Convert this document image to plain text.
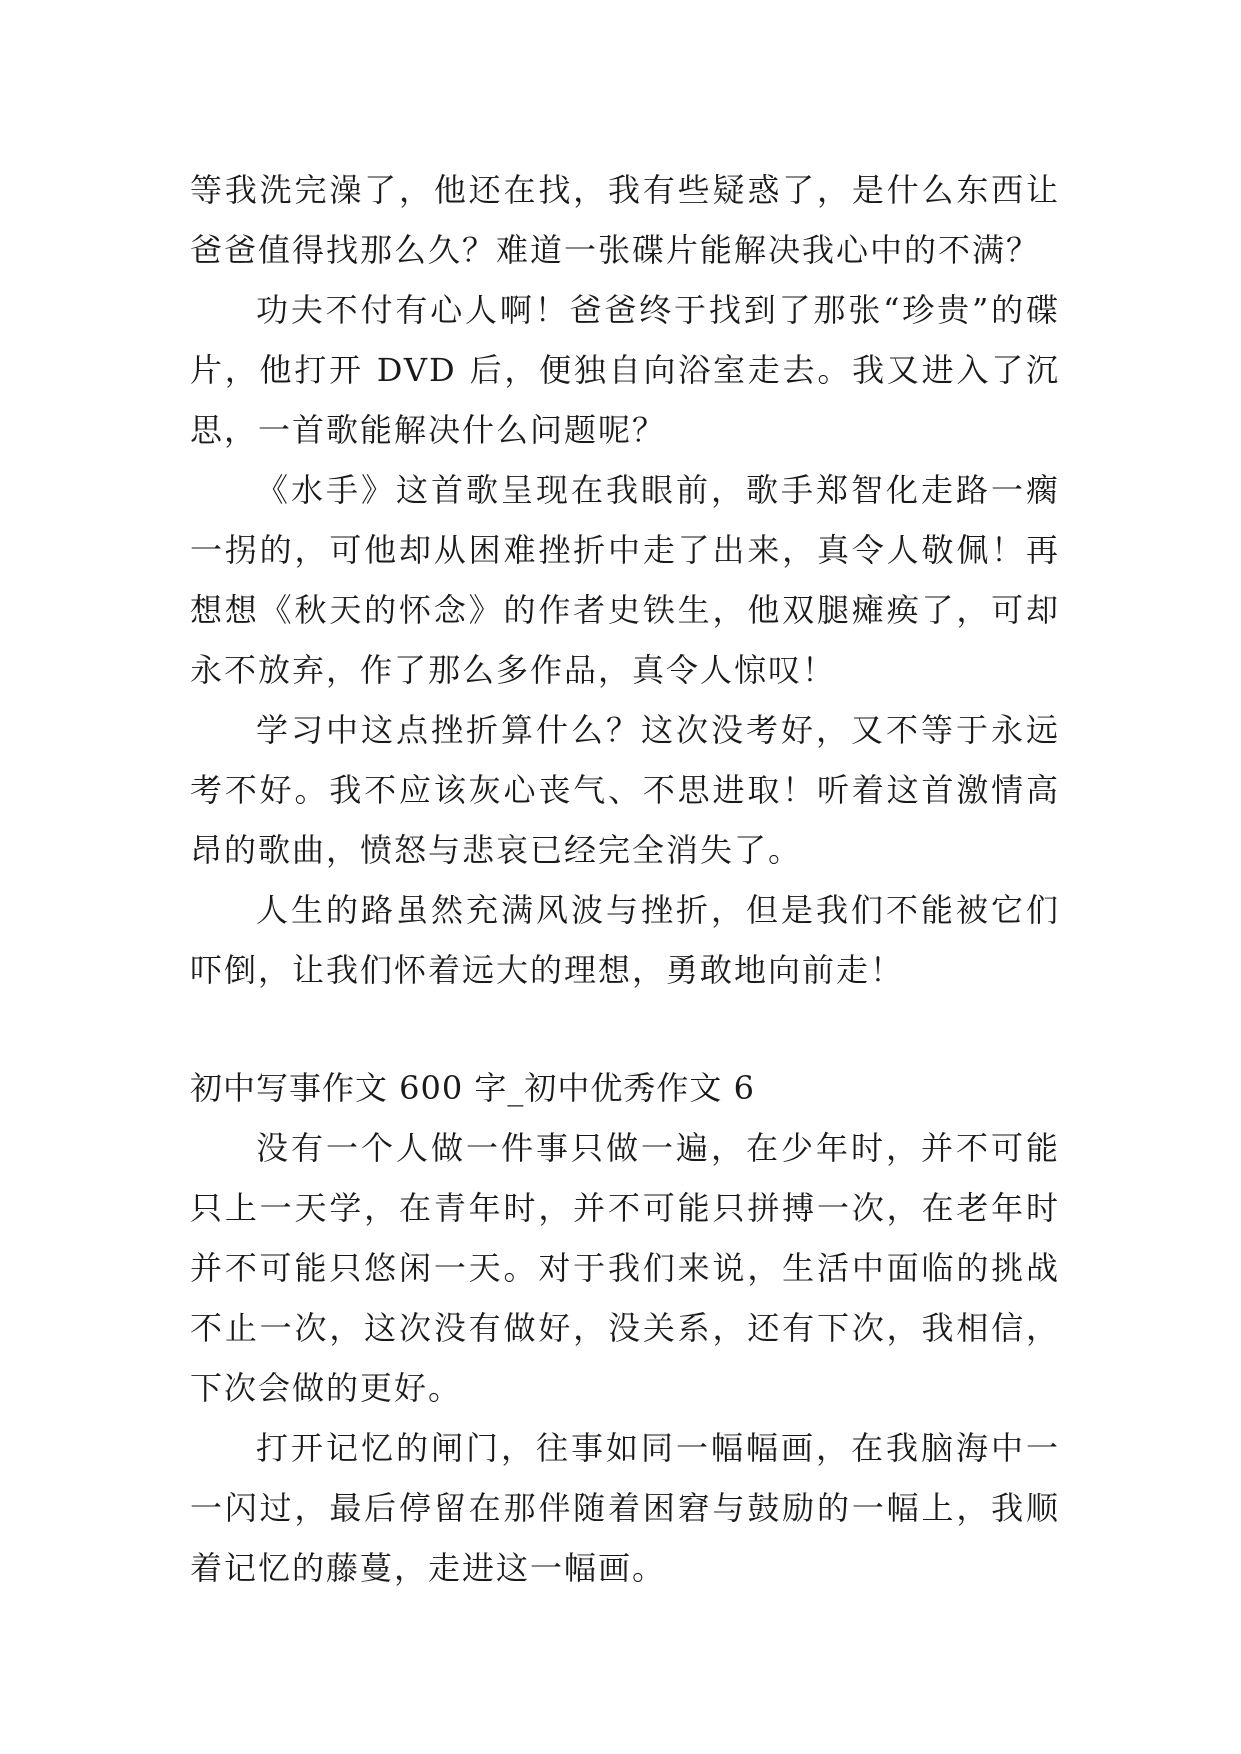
等我洗完澡了，他还在找，我有些疑惑了，是什么东西让爸爸值得找那么久？难道一张碟片能解决我心中的不满？

功夫不付有心人啊！爸爸终于找到了那张“珍贵”的碟片，他打开 DVD 后，便独自向浴室走去。我又进入了沉思，一首歌能解决什么问题呢？

《水手》这首歌呈现在我眼前，歌手郑智化走路一瘸一拐的，可他却从困难挫折中走了出来，真令人敬佩！再想想《秋天的怀念》的作者史铁生，他双腿瘫痪了，可却永不放弃，作了那么多作品，真令人惊叹！

学习中这点挫折算什么？这次没考好，又不等于永远考不好。我不应该灰心丧气、不思进取！听着这首激情高昂的歌曲，愤怒与悲哀已经完全消失了。

人生的路虽然充满风波与挫折，但是我们不能被它们吓倒，让我们怀着远大的理想，勇敢地向前走！

初中写事作文 600 字_初中优秀作文 6

没有一个人做一件事只做一遍，在少年时，并不可能只上一天学，在青年时，并不可能只拼搏一次，在老年时并不可能只悠闲一天。对于我们来说，生活中面临的挑战不止一次，这次没有做好，没关系，还有下次，我相信，下次会做的更好。

打开记忆的闸门，往事如同一幅幅画，在我脑海中一一闪过，最后停留在那伴随着困窘与鼓励的一幅上，我顺着记忆的藤蔓，走进这一幅画。
